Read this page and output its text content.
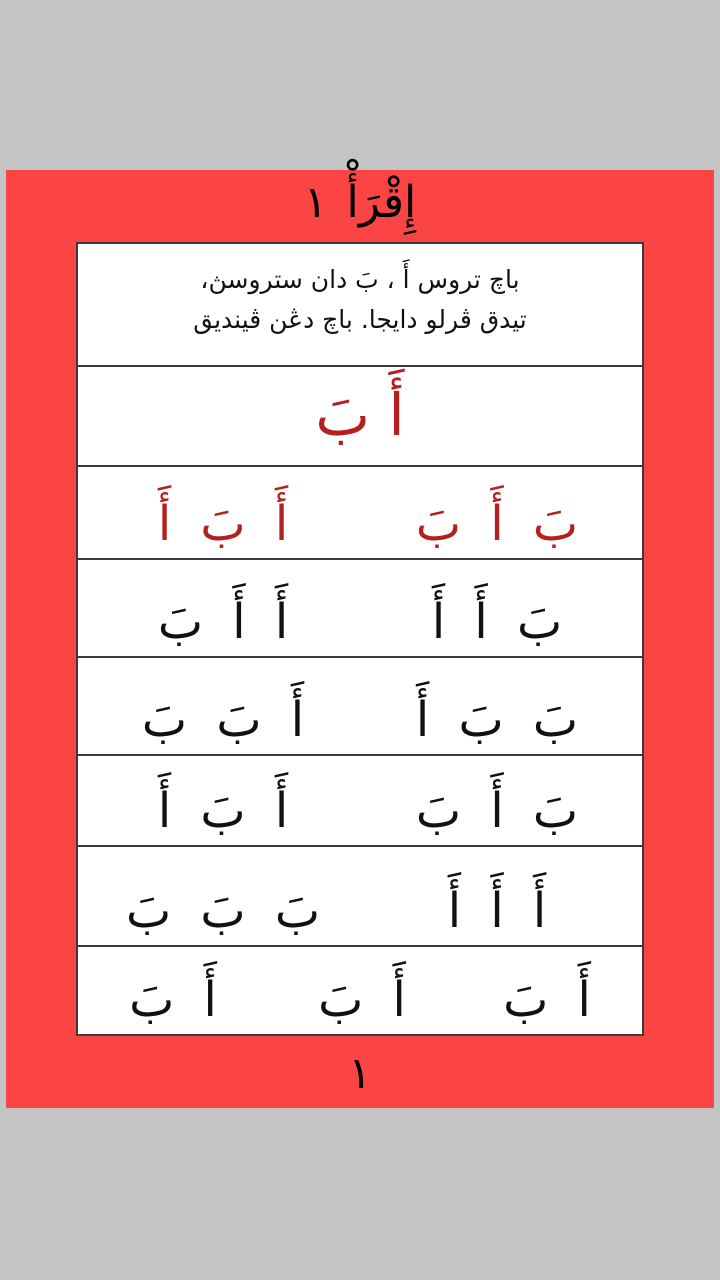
إِقْرَأْ ١
باچ تروس أَ ، بَ دان ستروسڽ،
تيدق ڤرلو دايجا. باچ دڠن ڤينديق
أَ بَ
بَ أَ بَ
أَ بَ أَ
بَ أَ أَ
أَ أَ بَ
بَ بَ أَ
أَ بَ بَ
بَ أَ بَ
أَ بَ أَ
أَ أَ أَ
بَ بَ بَ
أَ بَ
أَ بَ
أَ بَ
١
